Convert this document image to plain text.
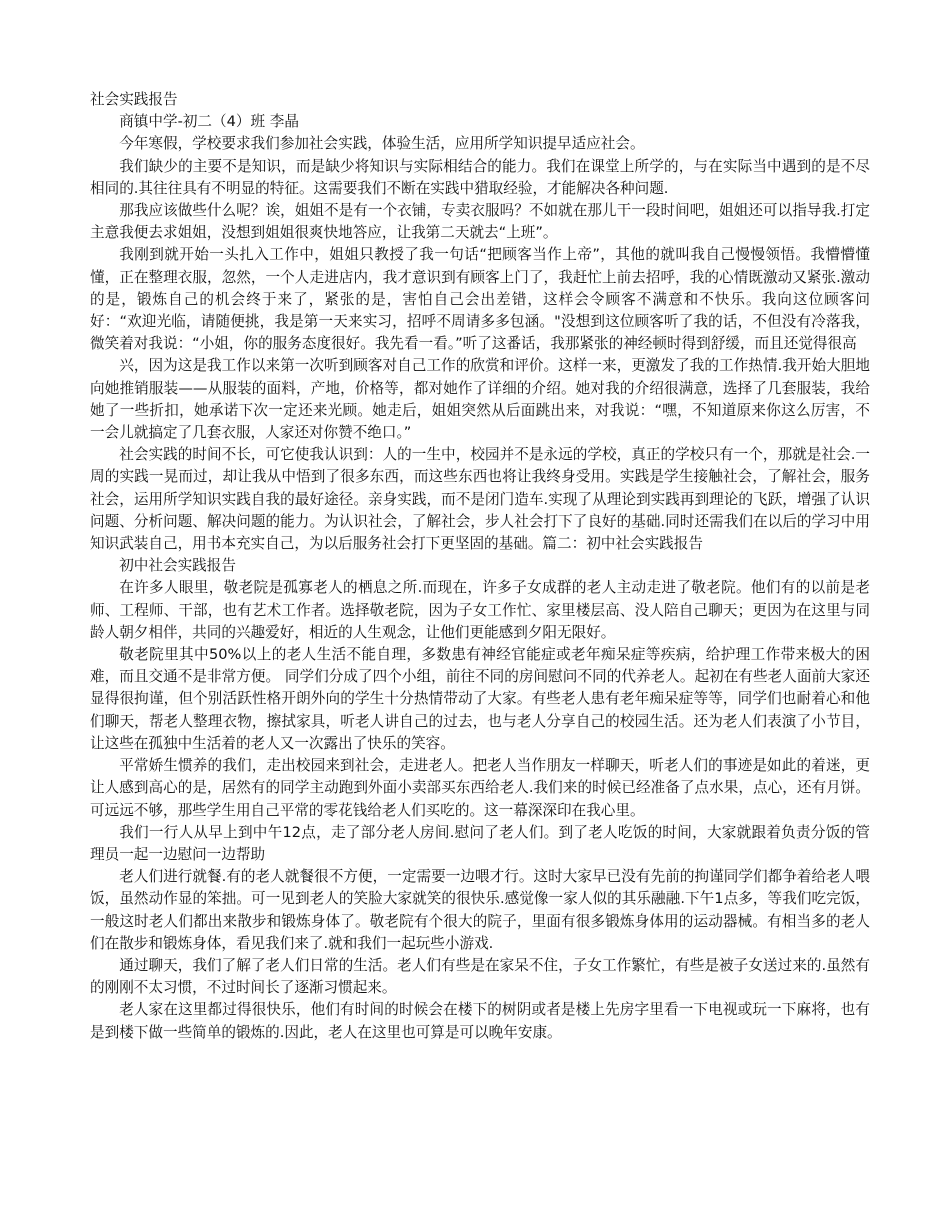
社会实践报告

商镇中学-初二（4）班 李晶

今年寒假，学校要求我们参加社会实践，体验生活，应用所学知识提早适应社会。

我们缺少的主要不是知识，而是缺少将知识与实际相结合的能力。我们在课堂上所学的，与在实际当中遇到的是不尽相同的.其往往具有不明显的特征。这需要我们不断在实践中猎取经验，才能解决各种问题.

那我应该做些什么呢？诶，姐姐不是有一个衣铺，专卖衣服吗？不如就在那儿干一段时间吧，姐姐还可以指导我.打定主意我便去求姐姐，没想到姐姐很爽快地答应，让我第二天就去“上班”。

我刚到就开始一头扎入工作中，姐姐只教授了我一句话“把顾客当作上帝”，其他的就叫我自己慢慢领悟。我懵懵懂懂，正在整理衣服，忽然，一个人走进店内，我才意识到有顾客上门了，我赶忙上前去招呼，我的心情既激动又紧张.激动的是，锻炼自己的机会终于来了，紧张的是，害怕自己会出差错，这样会令顾客不满意和不快乐。我向这位顾客问好：“欢迎光临，请随便挑，我是第一天来实习，招呼不周请多多包涵。"没想到这位顾客听了我的话，不但没有冷落我，微笑着对我说：“小姐，你的服务态度很好。我先看一看。”听了这番话，我那紧张的神经顿时得到舒缓，而且还觉得很高

兴，因为这是我工作以来第一次听到顾客对自己工作的欣赏和评价。这样一来，更激发了我的工作热情.我开始大胆地向她推销服装——从服装的面料，产地，价格等，都对她作了详细的介绍。她对我的介绍很满意，选择了几套服装，我给她了一些折扣，她承诺下次一定还来光顾。她走后，姐姐突然从后面跳出来，对我说：“嘿，不知道原来你这么厉害，不一会儿就搞定了几套衣服，人家还对你赞不绝口。”

社会实践的时间不长，可它使我认识到：人的一生中，校园并不是永远的学校，真正的学校只有一个，那就是社会.一周的实践一晃而过，却让我从中悟到了很多东西，而这些东西也将让我终身受用。实践是学生接触社会，了解社会，服务社会，运用所学知识实践自我的最好途径。亲身实践，而不是闭门造车.实现了从理论到实践再到理论的飞跃，增强了认识问题、分析问题、解决问题的能力。为认识社会，了解社会，步人社会打下了良好的基础.同时还需我们在以后的学习中用知识武装自己，用书本充实自己，为以后服务社会打下更坚固的基础。篇二：初中社会实践报告

初中社会实践报告

在许多人眼里，敬老院是孤寡老人的栖息之所.而现在，许多子女成群的老人主动走进了敬老院。他们有的以前是老师、工程师、干部，也有艺术工作者。选择敬老院，因为子女工作忙、家里楼层高、没人陪自己聊天；更因为在这里与同龄人朝夕相伴，共同的兴趣爱好，相近的人生观念，让他们更能感到夕阳无限好。

敬老院里其中50%以上的老人生活不能自理，多数患有神经官能症或老年痴呆症等疾病，给护理工作带来极大的困难，而且交通不是非常方便。 同学们分成了四个小组，前往不同的房间慰问不同的代养老人。起初在有些老人面前大家还显得很拘谨，但个别活跃性格开朗外向的学生十分热情带动了大家。有些老人患有老年痴呆症等等，同学们也耐着心和他们聊天，帮老人整理衣物，擦拭家具，听老人讲自己的过去，也与老人分享自己的校园生活。还为老人们表演了小节目，让这些在孤独中生活着的老人又一次露出了快乐的笑容。

平常娇生惯养的我们，走出校园来到社会，走进老人。把老人当作朋友一样聊天，听老人们的事迹是如此的着迷，更让人感到高心的是，居然有的同学主动跑到外面小卖部买东西给老人.我们来的时候已经准备了点水果，点心，还有月饼。可远远不够，那些学生用自己平常的零花钱给老人们买吃的。这一幕深深印在我心里。

我们一行人从早上到中午12点，走了部分老人房间.慰问了老人们。到了老人吃饭的时间，大家就跟着负责分饭的管理员一起一边慰问一边帮助

老人们进行就餐.有的老人就餐很不方便，一定需要一边喂才行。这时大家早已没有先前的拘谨同学们都争着给老人喂饭，虽然动作显的笨拙。可一见到老人的笑脸大家就笑的很快乐.感觉像一家人似的其乐融融.下午1点多，等我们吃完饭，一般这时老人们都出来散步和锻炼身体了。敬老院有个很大的院子，里面有很多锻炼身体用的运动器械。有相当多的老人们在散步和锻炼身体，看见我们来了.就和我们一起玩些小游戏.

通过聊天，我们了解了老人们日常的生活。老人们有些是在家呆不住，子女工作繁忙，有些是被子女送过来的.虽然有的刚刚不太习惯，不过时间长了逐渐习惯起来。

老人家在这里都过得很快乐，他们有时间的时候会在楼下的树阴或者是楼上先房字里看一下电视或玩一下麻将，也有是到楼下做一些简单的锻炼的.因此，老人在这里也可算是可以晚年安康。
